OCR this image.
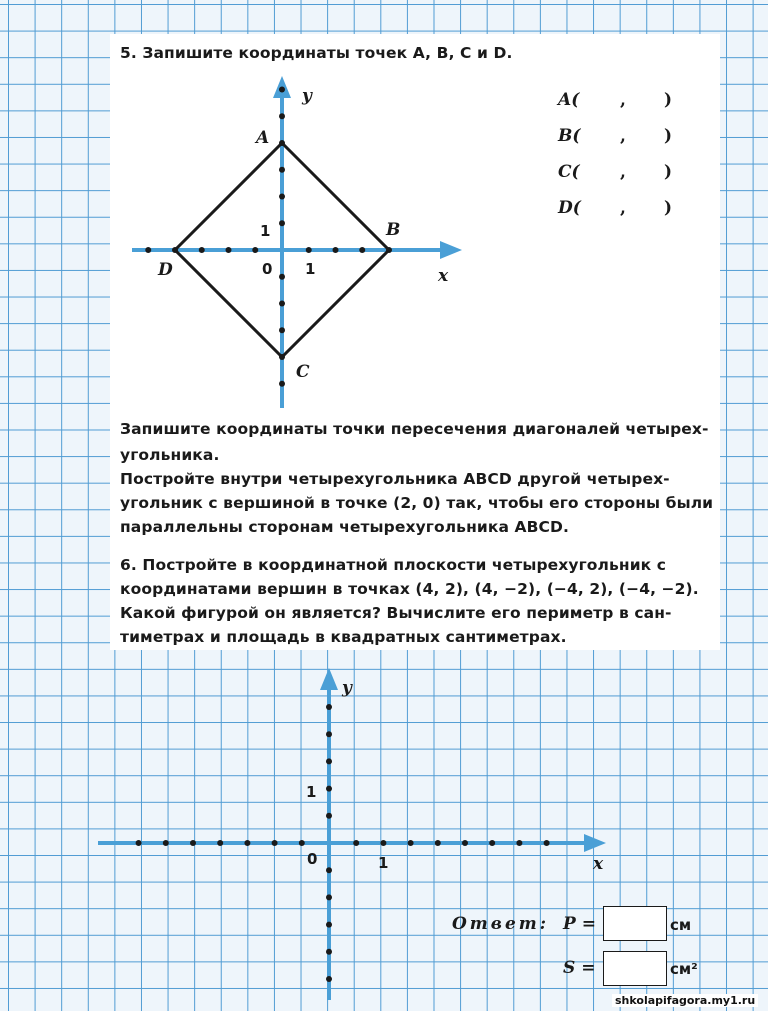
5. Запишите координаты точек A, B, C и D.
y
x
A
B
C
D	0 1
1
A( , )
B( , )
C( , )
D( , )
Запишите координаты точки пересечения диагоналей четырех-
угольника.
Постройте внутри четырехугольника ABCD другой четырех-
угольник с вершиной в точке (2, 0) так, чтобы его стороны были
параллельны сторонам четырехугольника ABCD.
6. Постройте в координатной плоскости четырехугольник с
координатами вершин в точках (4, 2), (4, −2), (−4, 2), (−4, −2).
Какой фигурой он является? Вычислите его периметр в сан-
тиметрах и площадь в квадратных сантиметрах.
y
x
0	1
1
Ответ: P =	см
S =	см²
shkolapifagora.my1.ru
